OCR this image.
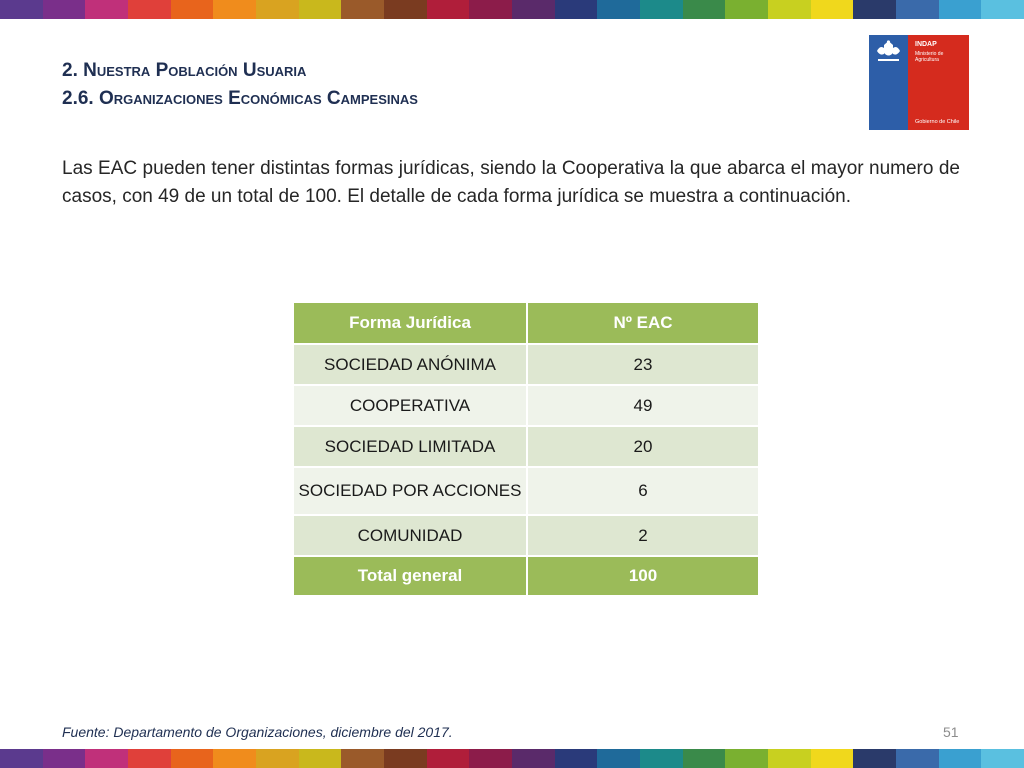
2. Nuestra Población Usuaria
2.6. Organizaciones Económicas Campesinas
INDAP
Ministerio de Agricultura
Gobierno de Chile

Las EAC pueden tener distintas formas jurídicas, siendo la Cooperativa la que abarca el mayor numero de casos, con 49 de un total de 100. El detalle de cada forma jurídica se muestra a continuación.

Forma Jurídica	Nº EAC
SOCIEDAD ANÓNIMA	23
COOPERATIVA	49
SOCIEDAD LIMITADA	20
SOCIEDAD POR ACCIONES	6
COMUNIDAD	2
Total general	100

Fuente: Departamento de Organizaciones, diciembre del 2017.	51
